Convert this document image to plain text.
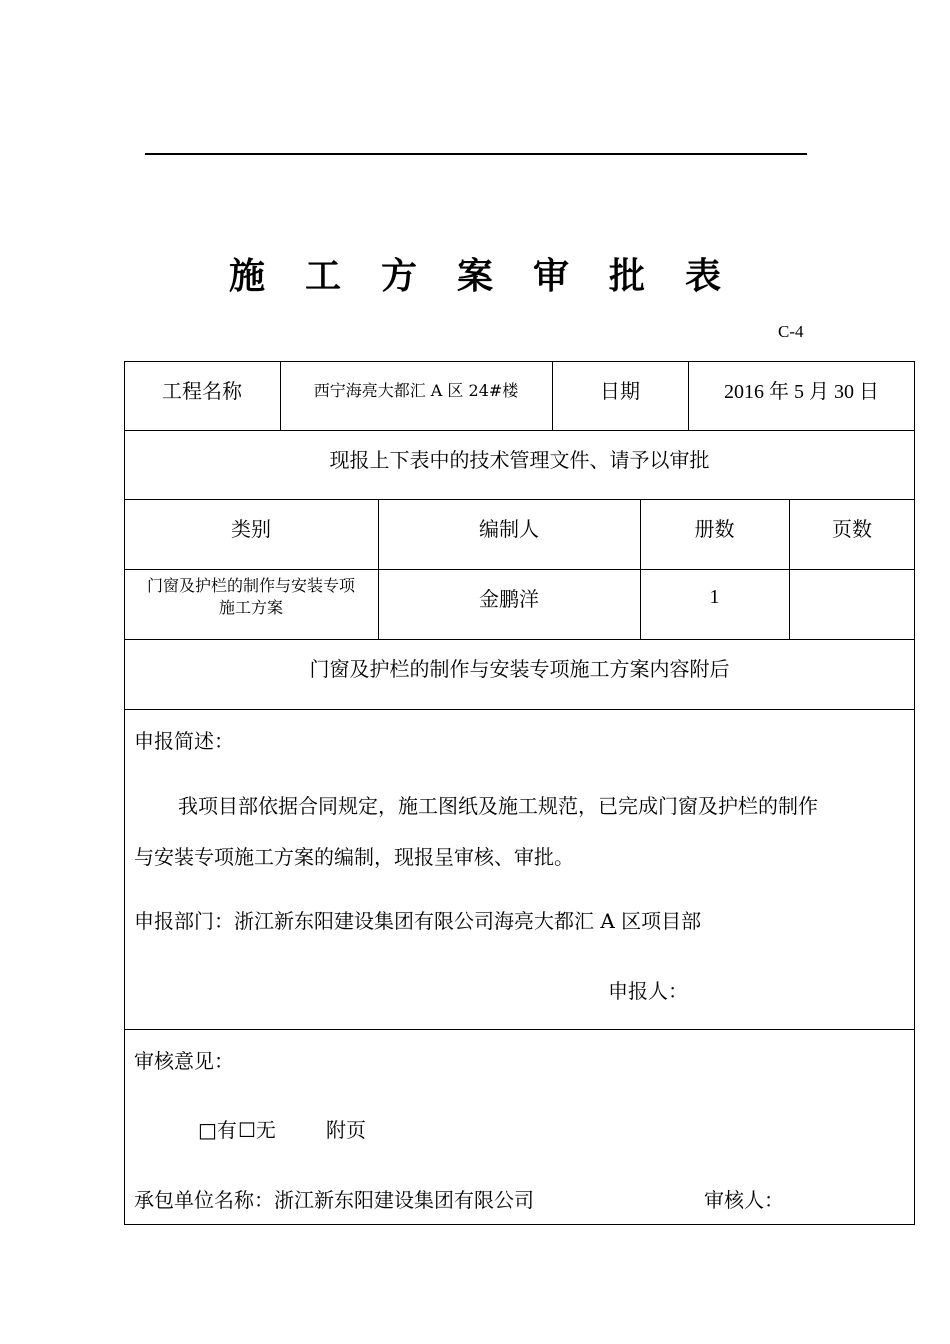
施工方案审批表
C-4
工程名称	西宁海亮大都汇 A 区 24#楼	日期	2016 年 5 月 30 日
现报上下表中的技术管理文件、请予以审批
类别	编制人	册数	页数
门窗及护栏的制作与安装专项
施工方案	金鹏洋	1
门窗及护栏的制作与安装专项施工方案内容附后
申报简述：
我项目部依据合同规定，施工图纸及施工规范，已完成门窗及护栏的制作
与安装专项施工方案的编制，现报呈审核、审批。
申报部门：浙江新东阳建设集团有限公司海亮大都汇 A 区项目部
申报人：
审核意见：
□有 ☐无	附页
承包单位名称：浙江新东阳建设集团有限公司	审核人：
